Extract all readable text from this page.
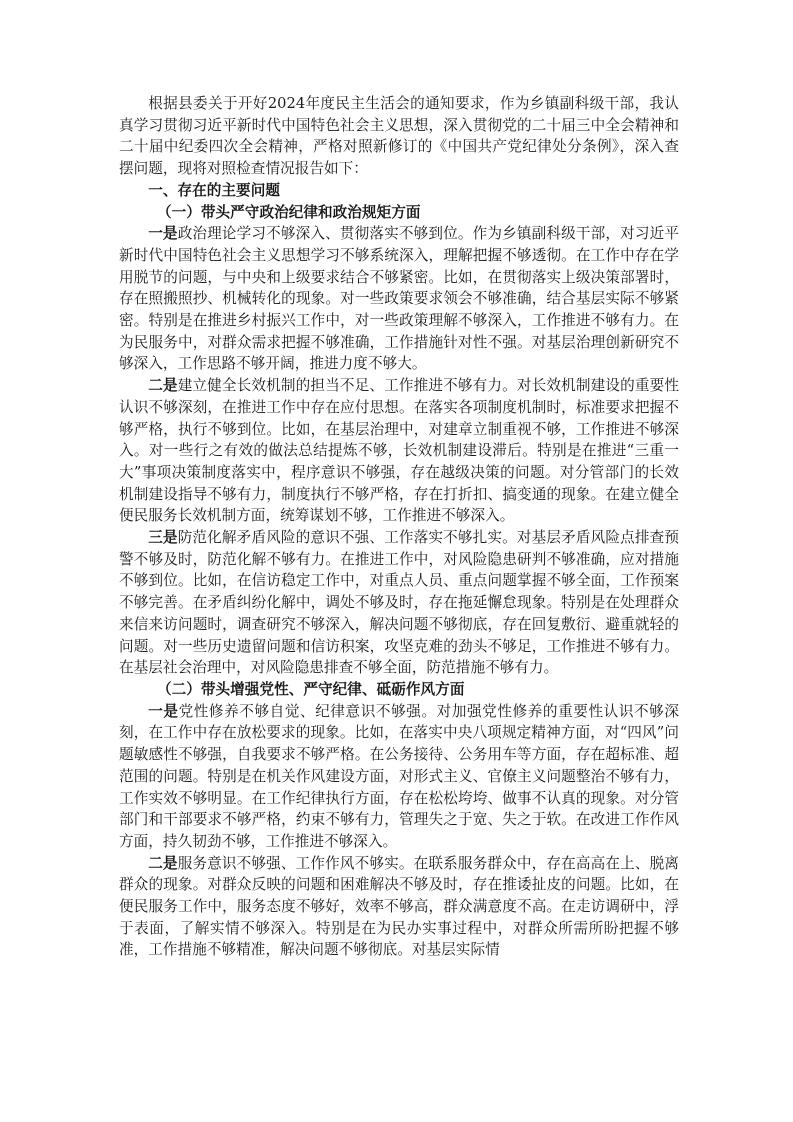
根据县委关于开好2024年度民主生活会的通知要求，作为乡镇副科级干部，我认真学习贯彻习近平新时代中国特色社会主义思想，深入贯彻党的二十届三中全会精神和二十届中纪委四次全会精神，严格对照新修订的《中国共产党纪律处分条例》，深入查摆问题，现将对照检查情况报告如下：

一、存在的主要问题

（一）带头严守政治纪律和政治规矩方面

一是政治理论学习不够深入、贯彻落实不够到位。作为乡镇副科级干部，对习近平新时代中国特色社会主义思想学习不够系统深入，理解把握不够透彻。在工作中存在学用脱节的问题，与中央和上级要求结合不够紧密。比如，在贯彻落实上级决策部署时，存在照搬照抄、机械转化的现象。对一些政策要求领会不够准确，结合基层实际不够紧密。特别是在推进乡村振兴工作中，对一些政策理解不够深入，工作推进不够有力。在为民服务中，对群众需求把握不够准确，工作措施针对性不强。对基层治理创新研究不够深入，工作思路不够开阔，推进力度不够大。

二是建立健全长效机制的担当不足、工作推进不够有力。对长效机制建设的重要性认识不够深刻，在推进工作中存在应付思想。在落实各项制度机制时，标准要求把握不够严格，执行不够到位。比如，在基层治理中，对建章立制重视不够，工作推进不够深入。对一些行之有效的做法总结提炼不够，长效机制建设滞后。特别是在推进“三重一大”事项决策制度落实中，程序意识不够强，存在越级决策的问题。对分管部门的长效机制建设指导不够有力，制度执行不够严格，存在打折扣、搞变通的现象。在建立健全便民服务长效机制方面，统筹谋划不够，工作推进不够深入。

三是防范化解矛盾风险的意识不强、工作落实不够扎实。对基层矛盾风险点排查预警不够及时，防范化解不够有力。在推进工作中，对风险隐患研判不够准确，应对措施不够到位。比如，在信访稳定工作中，对重点人员、重点问题掌握不够全面，工作预案不够完善。在矛盾纠纷化解中，调处不够及时，存在拖延懈怠现象。特别是在处理群众来信来访问题时，调查研究不够深入，解决问题不够彻底，存在回复敷衍、避重就轻的问题。对一些历史遗留问题和信访积案，攻坚克难的劲头不够足，工作推进不够有力。在基层社会治理中，对风险隐患排查不够全面，防范措施不够有力。

（二）带头增强党性、严守纪律、砥砺作风方面

一是党性修养不够自觉、纪律意识不够强。对加强党性修养的重要性认识不够深刻，在工作中存在放松要求的现象。比如，在落实中央八项规定精神方面，对“四风”问题敏感性不够强，自我要求不够严格。在公务接待、公务用车等方面，存在超标准、超范围的问题。特别是在机关作风建设方面，对形式主义、官僚主义问题整治不够有力，工作实效不够明显。在工作纪律执行方面，存在松松垮垮、做事不认真的现象。对分管部门和干部要求不够严格，约束不够有力，管理失之于宽、失之于软。在改进工作作风方面，持久韧劲不够，工作推进不够深入。

二是服务意识不够强、工作作风不够实。在联系服务群众中，存在高高在上、脱离群众的现象。对群众反映的问题和困难解决不够及时，存在推诿扯皮的问题。比如，在便民服务工作中，服务态度不够好，效率不够高，群众满意度不高。在走访调研中，浮于表面，了解实情不够深入。特别是在为民办实事过程中，对群众所需所盼把握不够准，工作措施不够精准，解决问题不够彻底。对基层实际情
